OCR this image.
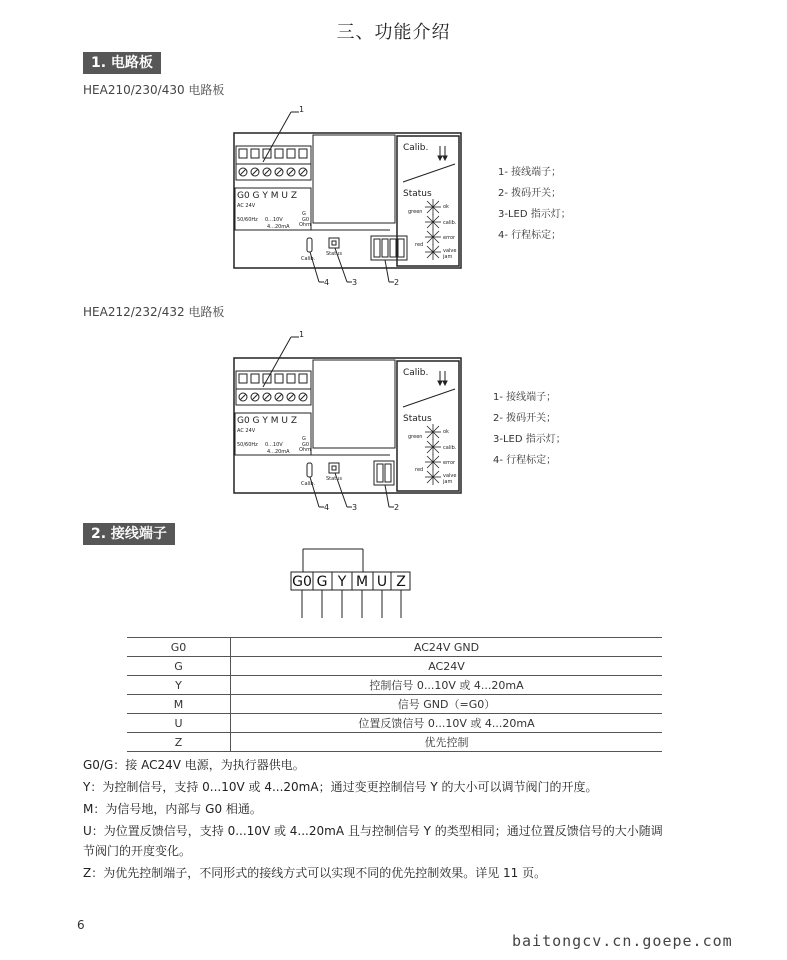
三、功能介绍
1. 电路板
HEA210/230/430 电路板
Calib.
Status
green
ok
calib.
red
error
valve
jam
G0 G Y M U Z
AC 24V
50/60Hz 0...10V
4...20mA
G
G0
Ohm
Calib.
Status
1
4	3	2
1- 接线端子；
2- 拨码开关；
3-LED 指示灯；
4- 行程标定；
HEA212/232/432 电路板
Calib.
Status
green
ok
calib.
red
error
valve
jam
G0 G Y M U Z
AC 24V
50/60Hz 0...10V
4...20mA
G
G0
Ohm
Calib.
Status
1
4	3	2
1- 接线端子；
2- 拨码开关；
3-LED 指示灯；
4- 行程标定；
2. 接线端子
G0 G Y M U Z
G0	AC24V GND
G	AC24V
Y	控制信号 0...10V 或 4...20mA
M	信号 GND（=G0）
U	位置反馈信号 0...10V 或 4...20mA
Z	优先控制
G0/G：接 AC24V 电源，为执行器供电。
Y：为控制信号，支持 0...10V 或 4...20mA；通过变更控制信号 Y 的大小可以调节阀门的开度。
M：为信号地，内部与 G0 相通。
U：为位置反馈信号，支持 0...10V 或 4...20mA 且与控制信号 Y 的类型相同；通过位置反馈信号的大小随调
节阀门的开度变化。
Z：为优先控制端子，不同形式的接线方式可以实现不同的优先控制效果。详见 11 页。
6
baitongcv.cn.goepe.com
